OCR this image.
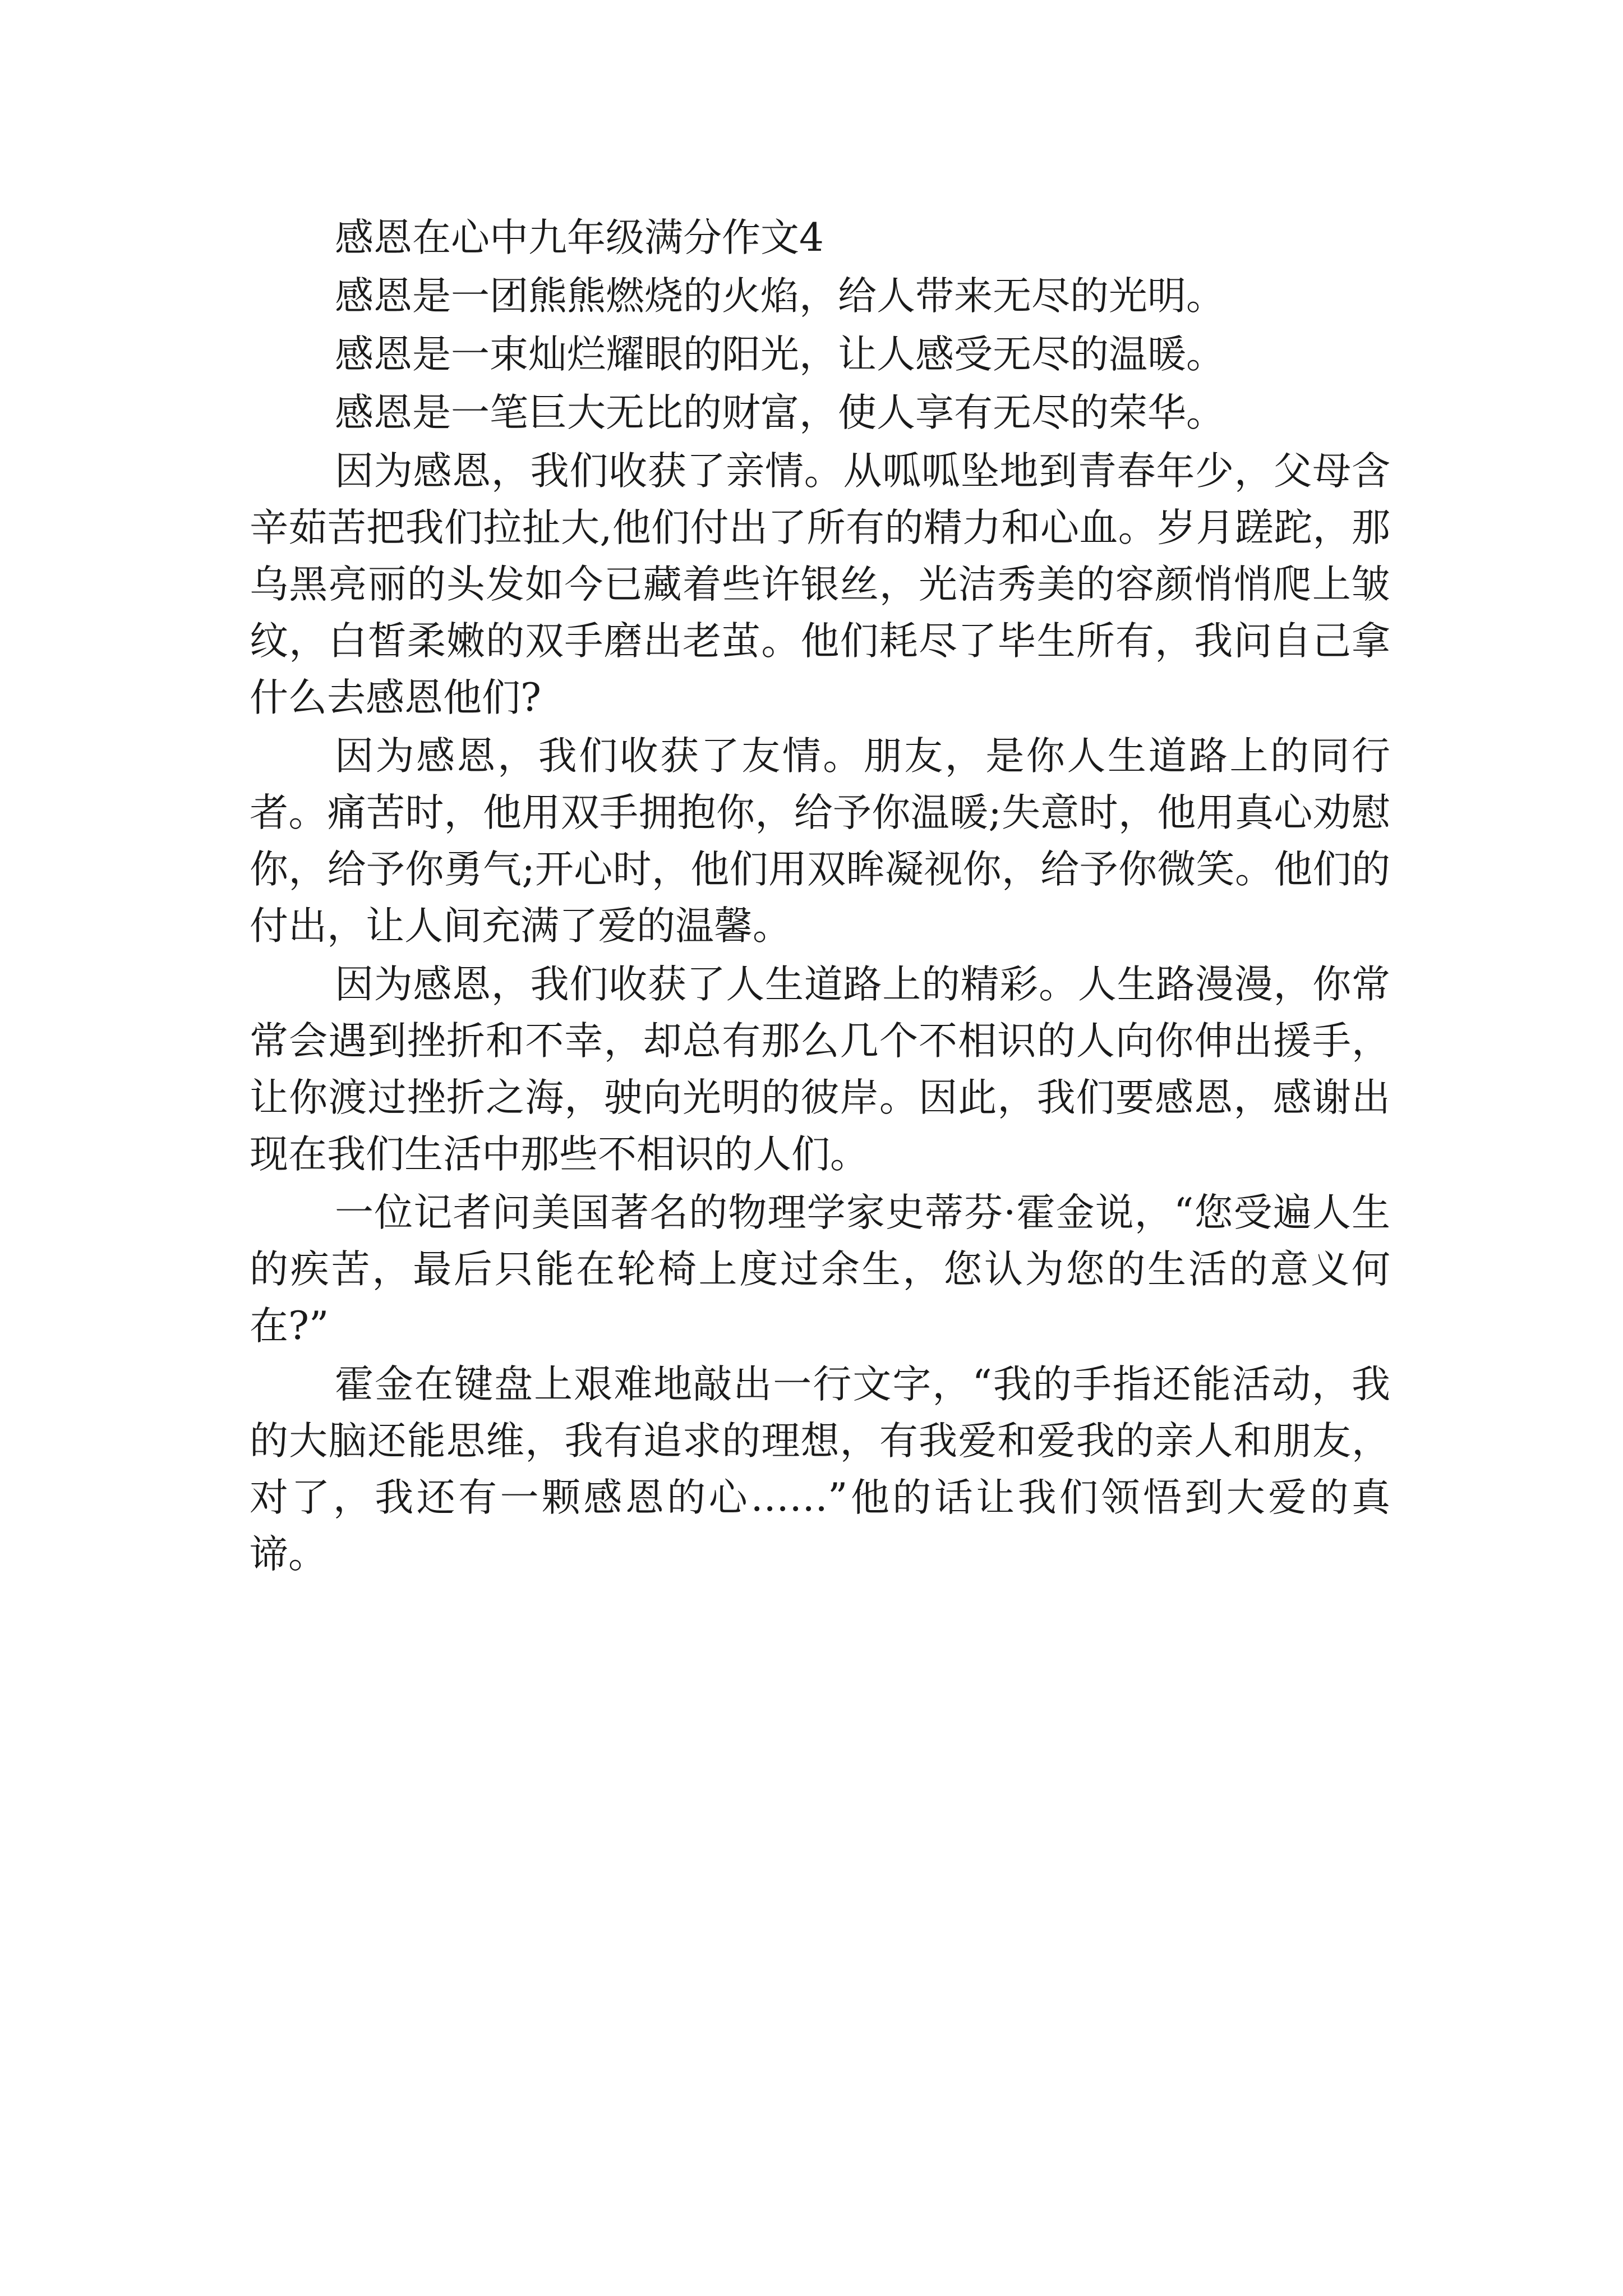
感恩在心中九年级满分作文4

感恩是一团熊熊燃烧的火焰，给人带来无尽的光明。

感恩是一束灿烂耀眼的阳光，让人感受无尽的温暖。

感恩是一笔巨大无比的财富，使人享有无尽的荣华。

因为感恩，我们收获了亲情。从呱呱坠地到青春年少，父母含辛茹苦把我们拉扯大,他们付出了所有的精力和心血。岁月蹉跎，那乌黑亮丽的头发如今已藏着些许银丝，光洁秀美的容颜悄悄爬上皱纹，白皙柔嫩的双手磨出老茧。他们耗尽了毕生所有，我问自己拿什么去感恩他们?

因为感恩，我们收获了友情。朋友，是你人生道路上的同行者。痛苦时，他用双手拥抱你，给予你温暖;失意时，他用真心劝慰你，给予你勇气;开心时，他们用双眸凝视你，给予你微笑。他们的付出，让人间充满了爱的温馨。

因为感恩，我们收获了人生道路上的精彩。人生路漫漫，你常常会遇到挫折和不幸，却总有那么几个不相识的人向你伸出援手，让你渡过挫折之海，驶向光明的彼岸。因此，我们要感恩，感谢出现在我们生活中那些不相识的人们。

一位记者问美国著名的物理学家史蒂芬·霍金说，“您受遍人生的疾苦，最后只能在轮椅上度过余生，您认为您的生活的意义何在?”

霍金在键盘上艰难地敲出一行文字，“我的手指还能活动，我的大脑还能思维，我有追求的理想，有我爱和爱我的亲人和朋友，对了，我还有一颗感恩的心……”他的话让我们领悟到大爱的真谛。
